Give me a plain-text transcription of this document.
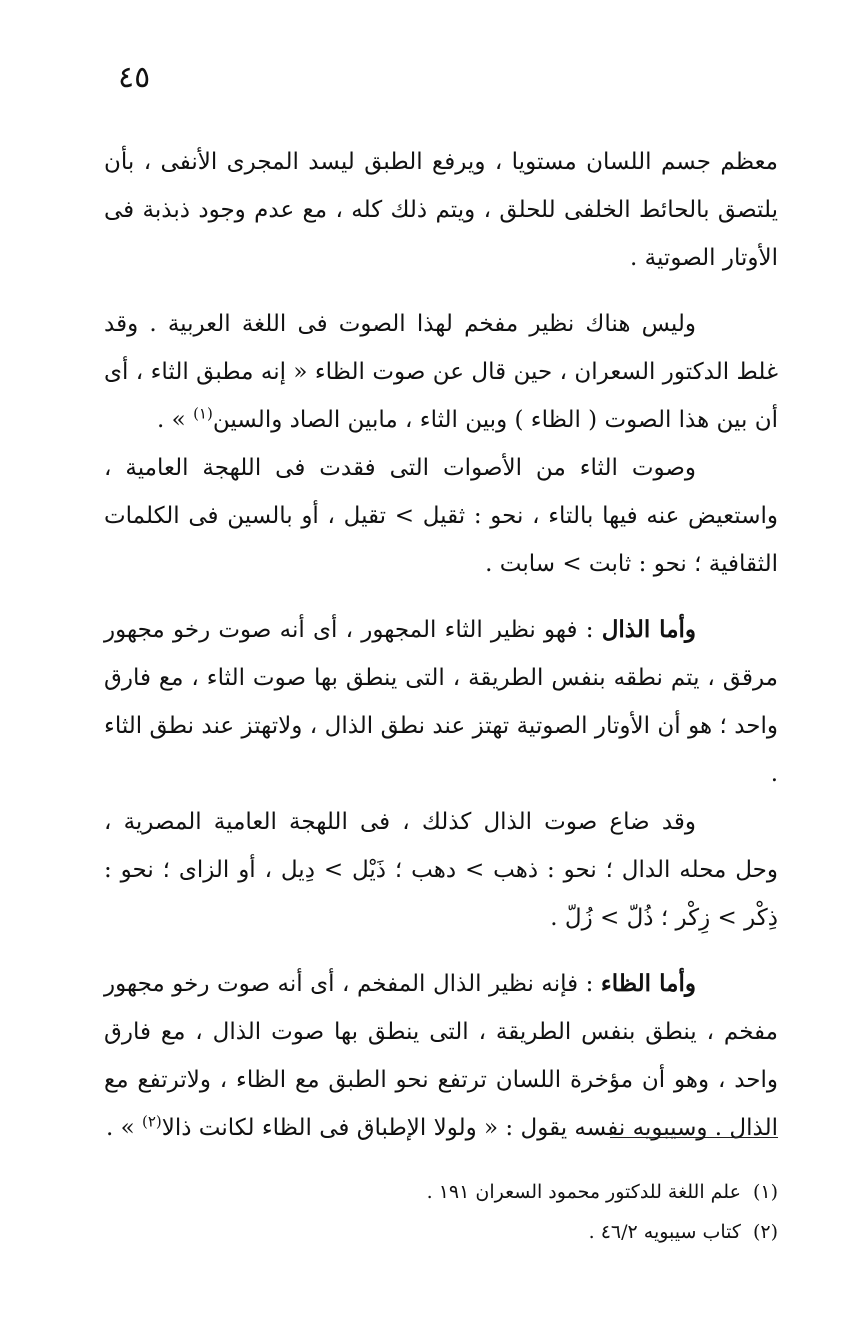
٤٥

معظم جسم اللسان مستويا ، ويرفع الطبق ليسد المجرى الأنفى ، بأن يلتصق بالحائط الخلفى للحلق ، ويتم ذلك كله ، مع عدم وجود ذبذبة فى الأوتار الصوتية .

وليس هناك نظير مفخم لهذا الصوت فى اللغة العربية . وقد غلط الدكتور السعران ، حين قال عن صوت الظاء « إنه مطبق الثاء ، أى أن بين هذا الصوت ( الظاء ) وبين الثاء ، مابين الصاد والسين$^{(١)}$ » .

وصوت الثاء من الأصوات التى فقدت فى اللهجة العامية ، واستعيض عنه فيها بالتاء ، نحو : ثقيل > تقيل ، أو بالسين فى الكلمات الثقافية ؛ نحو : ثابت > سابت .

وأما الذال : فهو نظير الثاء المجهور ، أى أنه صوت رخو مجهور مرقق ، يتم نطقه بنفس الطريقة ، التى ينطق بها صوت الثاء ، مع فارق واحد ؛ هو أن الأوتار الصوتية تهتز عند نطق الذال ، ولاتهتز عند نطق الثاء .

وقد ضاع صوت الذال كذلك ، فى اللهجة العامية المصرية ، وحل محله الدال ؛ نحو : ذهب > دهب ؛ ذَيْل > دِيل ، أو الزاى ؛ نحو : ذِكْر > زِكْر ؛ ذُلّ > زُلّ .

وأما الظاء : فإنه نظير الذال المفخم ، أى أنه صوت رخو مجهور مفخم ، ينطق بنفس الطريقة ، التى ينطق بها صوت الذال ، مع فارق واحد ، وهو أن مؤخرة اللسان ترتفع نحو الطبق مع الظاء ، ولاترتفع مع الذال . وسيبويه نفسه يقول : « ولولا الإطباق فى الظاء لكانت ذالا$^{(٢)}$ » .

(١)علم اللغة للدكتور محمود السعران ١٩١ .

(٢)كتاب سيبويه ٤٦/٢ .
